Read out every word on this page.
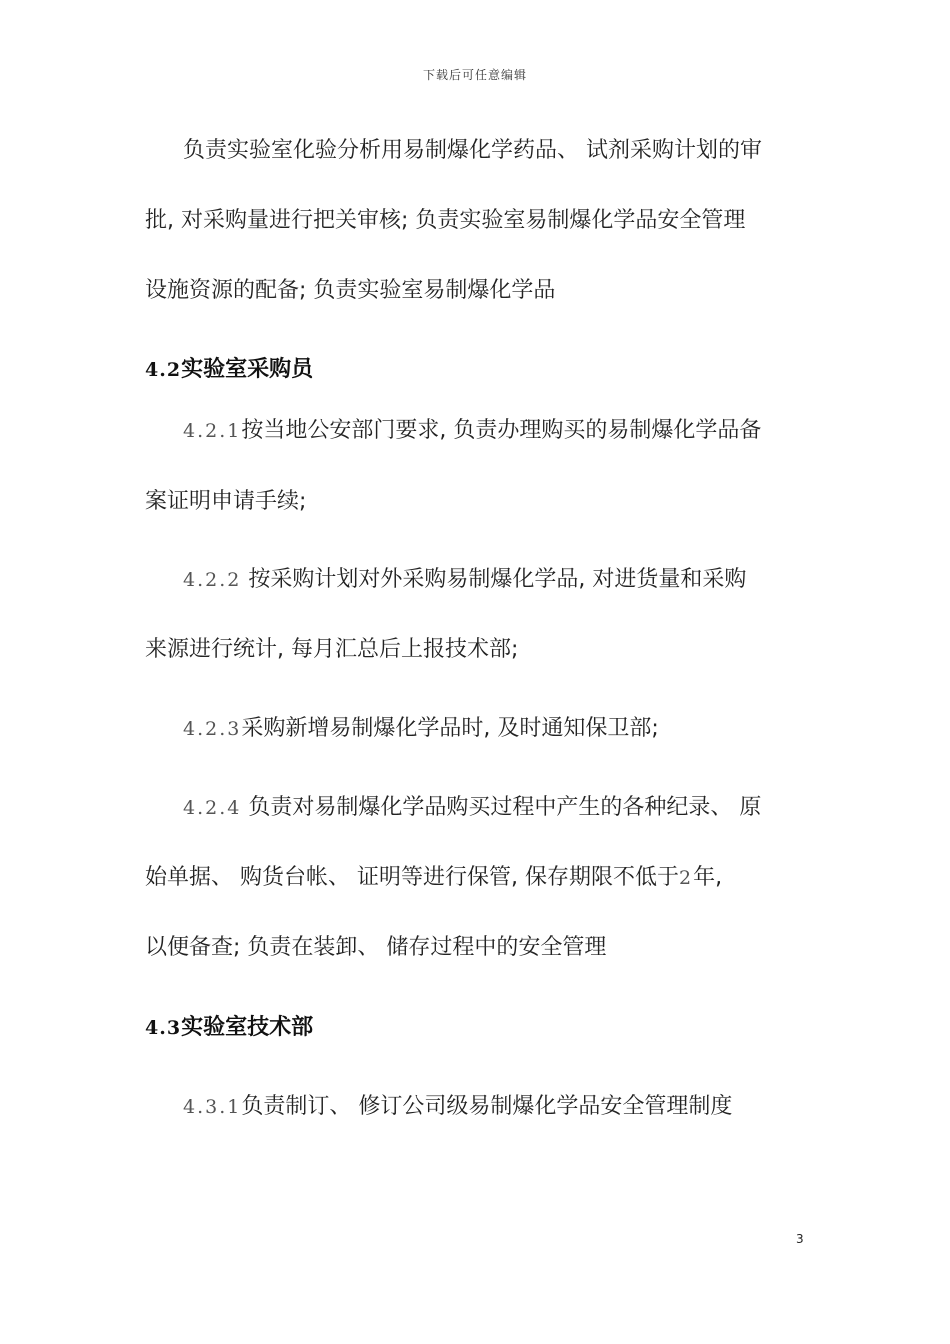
下载后可任意编辑
负责实验室化验分析用易制爆化学药品、 试剂采购计划的审
批, 对采购量进行把关审核; 负责实验室易制爆化学品安全管理
设施资源的配备; 负责实验室易制爆化学品
4.2实验室采购员
4.2.1按当地公安部门要求, 负责办理购买的易制爆化学品备
案证明申请手续;
4.2.2 按采购计划对外采购易制爆化学品, 对进货量和采购
来源进行统计, 每月汇总后上报技术部;
4.2.3采购新增易制爆化学品时, 及时通知保卫部;
4.2.4 负责对易制爆化学品购买过程中产生的各种纪录、 原
始单据、 购货台帐、 证明等进行保管, 保存期限不低于2年,
以便备查; 负责在装卸、 储存过程中的安全管理
4.3实验室技术部
4.3.1负责制订、 修订公司级易制爆化学品安全管理制度
3
